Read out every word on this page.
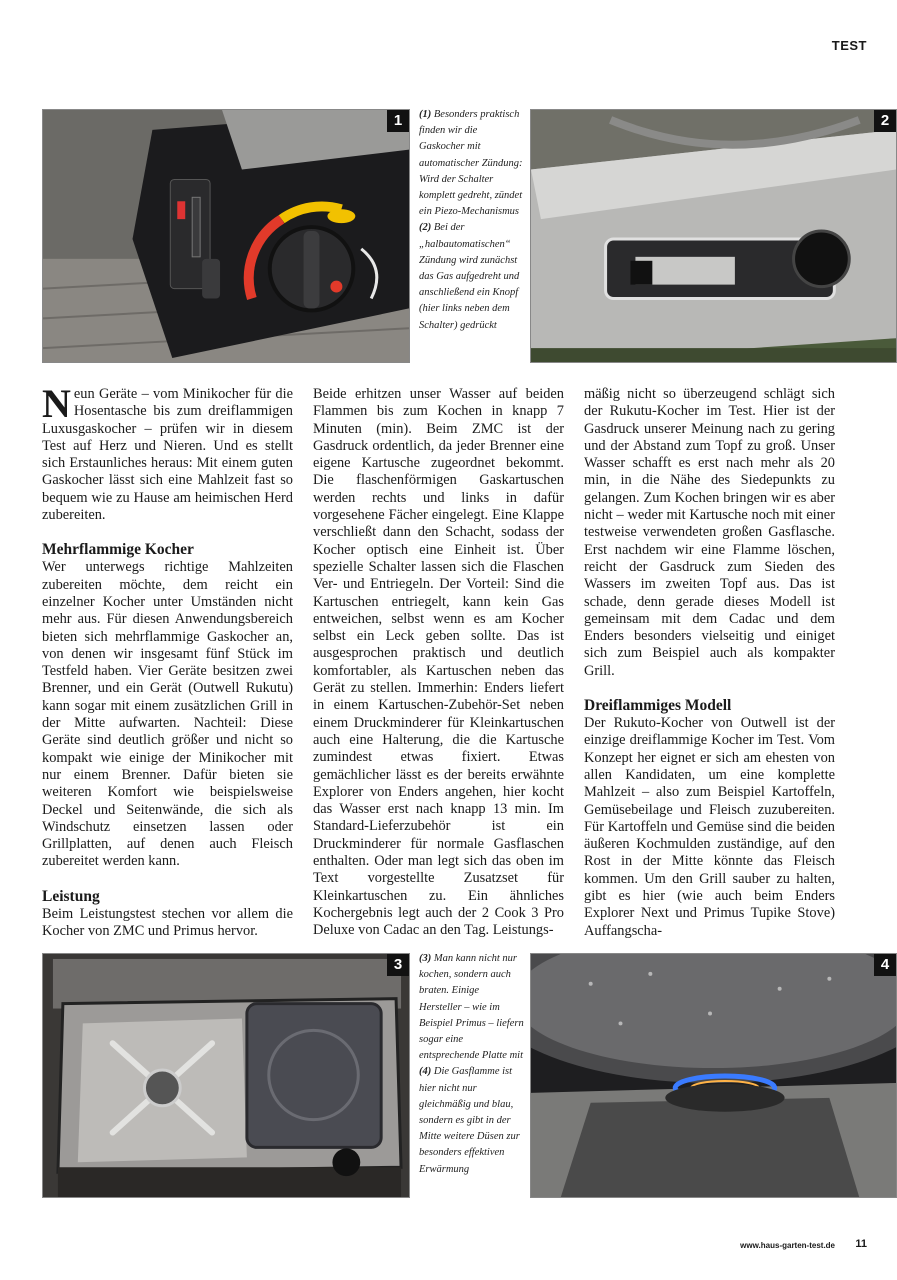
TEST
1	(1) Besonders praktisch finden wir die Gaskocher mit automatischer Zündung: Wird der Schalter komplett gedreht, zündet ein Piezo-Mechanismus
(2) Bei der „halbautomatischen“ Zündung wird zunächst das Gas aufgedreht und anschließend ein Knopf (hier links neben dem Schalter) gedrückt
2

Neun Geräte – vom Minikocher für die Hosentasche bis zum dreiflammigen Luxusgaskocher – prüfen wir in diesem Test auf Herz und Nieren. Und es stellt sich Erstaunliches heraus: Mit einem guten Gaskocher lässt sich eine Mahlzeit fast so bequem wie zu Hause am heimischen Herd zubereiten.

Mehrflammige Kocher

Wer unterwegs richtige Mahlzeiten zubereiten möchte, dem reicht ein einzelner Kocher unter Umständen nicht mehr aus. Für diesen Anwendungsbereich bieten sich mehrflammige Gaskocher an, von denen wir insgesamt fünf Stück im Testfeld haben. Vier Geräte besitzen zwei Brenner, und ein Gerät (Outwell Rukutu) kann sogar mit einem zusätzlichen Grill in der Mitte aufwarten. Nachteil: Diese Geräte sind deutlich größer und nicht so kompakt wie einige der Minikocher mit nur einem Brenner. Dafür bieten sie weiteren Komfort wie beispielsweise Deckel und Seitenwände, die sich als Windschutz einsetzen lassen oder Grillplatten, auf denen auch Fleisch zubereitet werden kann.

Leistung

Beim Leistungstest stechen vor allem die Kocher von ZMC und Primus hervor.

Beide erhitzen unser Wasser auf beiden Flammen bis zum Kochen in knapp 7 Minuten (min). Beim ZMC ist der Gasdruck ordentlich, da jeder Brenner eine eigene Kartusche zugeordnet bekommt. Die flaschenförmigen Gaskartuschen werden rechts und links in dafür vorgesehene Fächer eingelegt. Eine Klappe verschließt dann den Schacht, sodass der Kocher optisch eine Einheit ist. Über spezielle Schalter lassen sich die Flaschen Ver- und Entriegeln. Der Vorteil: Sind die Kartuschen entriegelt, kann kein Gas entweichen, selbst wenn es am Kocher selbst ein Leck geben sollte. Das ist ausgesprochen praktisch und deutlich komfortabler, als Kartuschen neben das Gerät zu stellen. Immerhin: Enders liefert in einem Kartuschen-Zubehör-Set neben einem Druckminderer für Kleinkartuschen auch eine Halterung, die die Kartusche zumindest etwas fixiert. Etwas gemächlicher lässt es der bereits erwähnte Explorer von Enders angehen, hier kocht das Wasser erst nach knapp 13 min. Im Standard-Lieferzubehör ist ein Druckminderer für normale Gasflaschen enthalten. Oder man legt sich das oben im Text vorgestellte Zusatzset für Kleinkartuschen zu. Ein ähnliches Kochergebnis legt auch der 2 Cook 3 Pro Deluxe von Cadac an den Tag. Leistungs-

mäßig nicht so überzeugend schlägt sich der Rukutu-Kocher im Test. Hier ist der Gasdruck unserer Meinung nach zu gering und der Abstand zum Topf zu groß. Unser Wasser schafft es erst nach mehr als 20 min, in die Nähe des Siedepunkts zu gelangen. Zum Kochen bringen wir es aber nicht – weder mit Kartusche noch mit einer testweise verwendeten großen Gasflasche. Erst nachdem wir eine Flamme löschen, reicht der Gasdruck zum Sieden des Wassers im zweiten Topf aus. Das ist schade, denn gerade dieses Modell ist gemeinsam mit dem Cadac und dem Enders besonders vielseitig und einiget sich zum Beispiel auch als kompakter Grill.

Dreiflammiges Modell

Der Rukuto-Kocher von Outwell ist der einzige dreiflammige Kocher im Test. Vom Konzept her eignet er sich am ehesten von allen Kandidaten, um eine komplette Mahlzeit – also zum Beispiel Kartoffeln, Gemüsebeilage und Fleisch zuzubereiten. Für Kartoffeln und Gemüse sind die beiden äußeren Kochmulden zuständige, auf den Rost in der Mitte könnte das Fleisch kommen. Um den Grill sauber zu halten, gibt es hier (wie auch beim Enders Explorer Next und Primus Tupike Stove) Auffangscha-

3	(3) Man kann nicht nur kochen, sondern auch braten. Einige Hersteller – wie im Beispiel Primus – liefern sogar eine entsprechende Platte mit
(4) Die Gasflamme ist hier nicht nur gleichmäßig und blau, sondern es gibt in der Mitte weitere Düsen zur besonders effektiven Erwärmung
4
www.haus-garten-test.de 11
